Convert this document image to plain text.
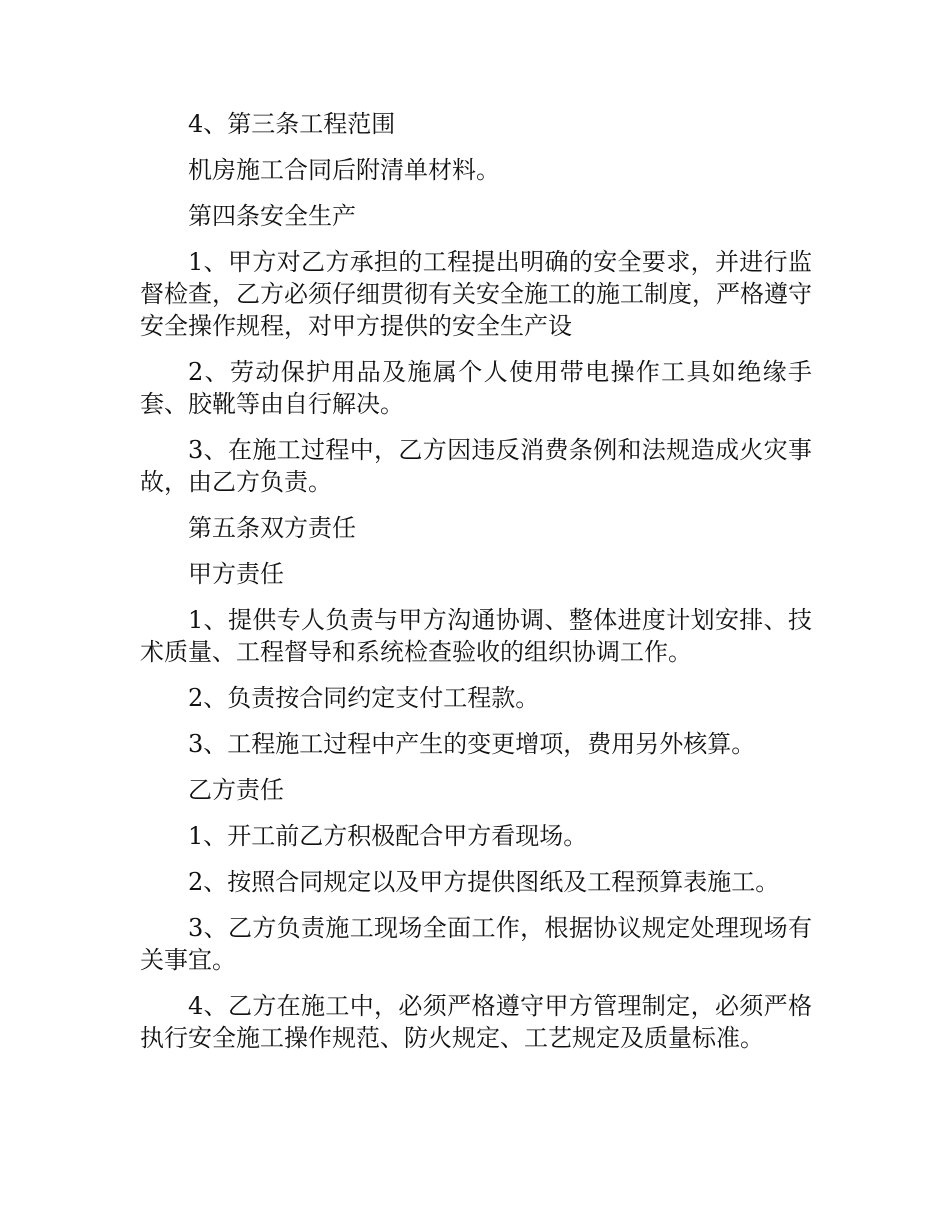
4、第三条工程范围

机房施工合同后附清单材料。

第四条安全生产

1、甲方对乙方承担的工程提出明确的安全要求，并进行监督检查，乙方必须仔细贯彻有关安全施工的施工制度，严格遵守安全操作规程，对甲方提供的安全生产设

2、劳动保护用品及施属个人使用带电操作工具如绝缘手套、胶靴等由自行解决。

3、在施工过程中，乙方因违反消费条例和法规造成火灾事故，由乙方负责。

第五条双方责任

甲方责任

1、提供专人负责与甲方沟通协调、整体进度计划安排、技术质量、工程督导和系统检查验收的组织协调工作。

2、负责按合同约定支付工程款。

3、工程施工过程中产生的变更增项，费用另外核算。

乙方责任

1、开工前乙方积极配合甲方看现场。

2、按照合同规定以及甲方提供图纸及工程预算表施工。

3、乙方负责施工现场全面工作，根据协议规定处理现场有关事宜。

4、乙方在施工中，必须严格遵守甲方管理制定，必须严格执行安全施工操作规范、防火规定、工艺规定及质量标准。
